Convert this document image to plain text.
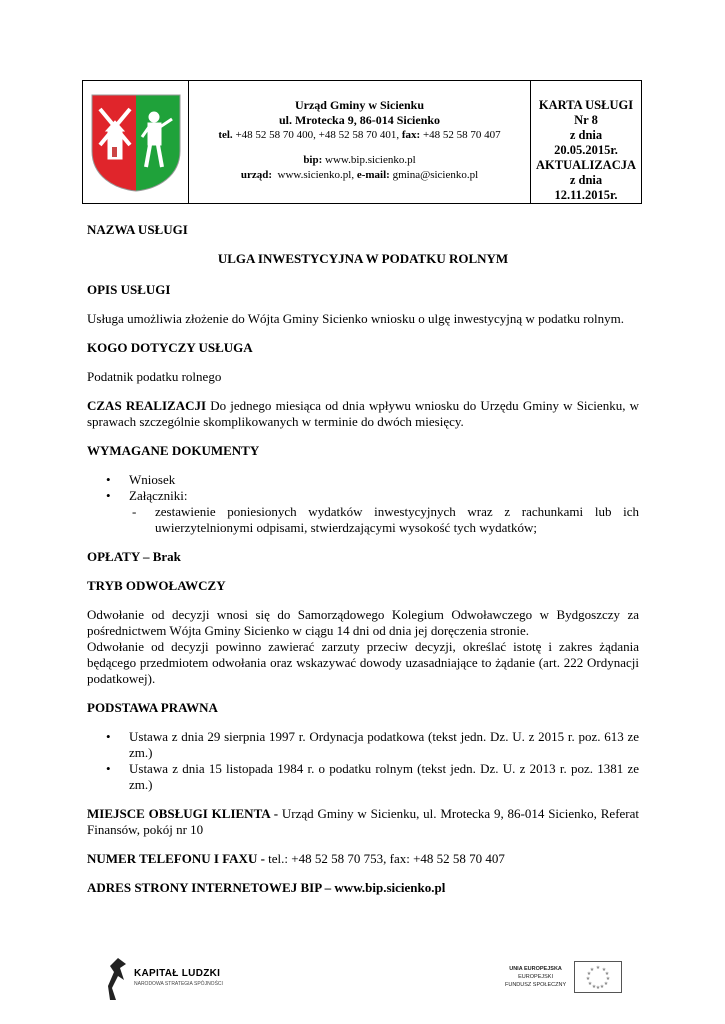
Urząd Gminy w Sicienku
ul. Mrotecka 9, 86-014 Sicienko
tel. +48 52 58 70 400, +48 52 58 70 401, fax: +48 52 58 70 407
bip: www.bip.sicienko.pl
urząd: www.sicienko.pl, e-mail: gmina@sicienko.pl
KARTA USŁUGI
Nr 8
z dnia
20.05.2015r.
AKTUALIZACJA
z dnia
12.11.2015r.

NAZWA USŁUGI

ULGA INWESTYCYJNA W PODATKU ROLNYM

OPIS USŁUGI

Usługa umożliwia złożenie do Wójta Gminy Sicienko wniosku o ulgę inwestycyjną w podatku rolnym.

KOGO DOTYCZY USŁUGA

Podatnik podatku rolnego

CZAS REALIZACJI Do jednego miesiąca od dnia wpływu wniosku do Urzędu Gminy w Sicienku, w sprawach szczególnie skomplikowanych w terminie do dwóch miesięcy.

WYMAGANE DOKUMENTY

• Wniosek
• Załączniki:
- zestawienie poniesionych wydatków inwestycyjnych wraz z rachunkami lub ich uwierzytelnionymi odpisami, stwierdzającymi wysokość tych wydatków;

OPŁATY – Brak

TRYB ODWOŁAWCZY

Odwołanie od decyzji wnosi się do Samorządowego Kolegium Odwoławczego w Bydgoszczy za pośrednictwem Wójta Gminy Sicienko w ciągu 14 dni od dnia jej doręczenia stronie.

Odwołanie od decyzji powinno zawierać zarzuty przeciw decyzji, określać istotę i zakres żądania będącego przedmiotem odwołania oraz wskazywać dowody uzasadniające to żądanie (art. 222 Ordynacji podatkowej).

PODSTAWA PRAWNA

• Ustawa z dnia 29 sierpnia 1997 r. Ordynacja podatkowa (tekst jedn. Dz. U. z 2015 r. poz. 613 ze zm.)
• Ustawa z dnia 15 listopada 1984 r. o podatku rolnym (tekst jedn. Dz. U. z 2013 r. poz. 1381 ze zm.)

MIEJSCE OBSŁUGI KLIENTA - Urząd Gminy w Sicienku, ul. Mrotecka 9, 86-014 Sicienko, Referat Finansów, pokój nr 10

NUMER TELEFONU I FAXU - tel.: +48 52 58 70 753, fax: +48 52 58 70 407

ADRES STRONY INTERNETOWEJ BIP – www.bip.sicienko.pl

KAPITAŁ LUDZKI
NARODOWA STRATEGIA SPÓJNOŚCI
UNIA EUROPEJSKA
EUROPEJSKI
FUNDUSZ SPOŁECZNY
★ ★
★
★
★
★
★
★
★
★
★
★
